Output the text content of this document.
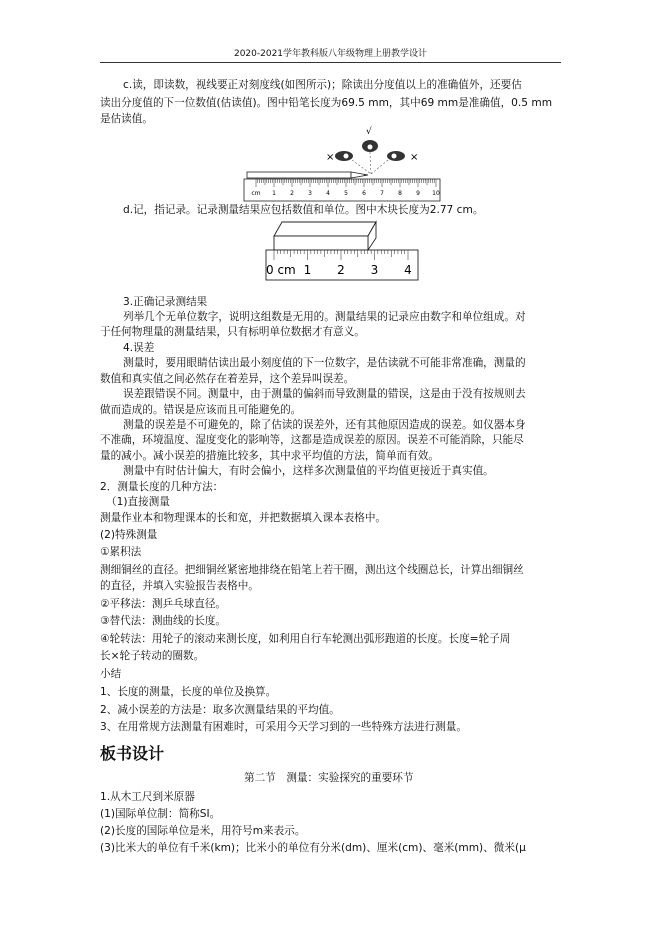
2020-2021学年教科版八年级物理上册教学设计
c.读，即读数，视线要正对刻度线(如图所示)；除读出分度值以上的准确值外，还要估
读出分度值的下一位数值(估读值)。图中铅笔长度为69.5 mm，其中69 mm是准确值，0.5 mm
是估读值。
×	×
√
cm 1 2 3 4 5 6 7 8 9 10
d.记，指记录。记录测量结果应包括数值和单位。图中木块长度为2.77 cm。
0 cm 1 2 3 4
3.正确记录测结果
列举几个无单位数字，说明这组数是无用的。测量结果的记录应由数字和单位组成。对
于任何物理量的测量结果，只有标明单位数据才有意义。
4.误差
测量时，要用眼睛估读出最小刻度值的下一位数字，是估读就不可能非常准确，测量的
数值和真实值之间必然存在着差异，这个差异叫误差。
误差跟错误不同。测量中，由于测量的偏斜而导致测量的错误，这是由于没有按规则去
做而造成的。错误是应该而且可能避免的。
测量的误差是不可避免的，除了估读的误差外，还有其他原因造成的误差。如仪器本身
不准确，环境温度、湿度变化的影响等，这都是造成误差的原因。误差不可能消除，只能尽
量的减小。减小误差的措施比较多，其中求平均值的方法，简单而有效。
测量中有时估计偏大，有时会偏小，这样多次测量值的平均值更接近于真实值。
2．测量长度的几种方法：
（1)直接测量
测量作业本和物理课本的长和宽，并把数据填入课本表格中。
(2)特殊测量
①累积法
测细铜丝的直径。把细铜丝紧密地排绕在铅笔上若干圈，测出这个线圈总长，计算出细铜丝
的直径，并填入实验报告表格中。
②平移法：测乒乓球直径。
③替代法：测曲线的长度。
④轮转法：用轮子的滚动来测长度，如利用自行车轮测出弧形跑道的长度。长度=轮子周
长×轮子转动的圈数。
小结
1、长度的测量，长度的单位及换算。
2、减小误差的方法是：取多次测量结果的平均值。
3、在用常规方法测量有困难时，可采用今天学习到的一些特殊方法进行测量。
板书设计
第二节　测量：实验探究的重要环节
1.从木工尺到米原器
(1)国际单位制：简称SI。
(2)长度的国际单位是米，用符号m来表示。
(3)比米大的单位有千米(km)；比米小的单位有分米(dm)、厘米(cm)、毫米(mm)、微米(μ
